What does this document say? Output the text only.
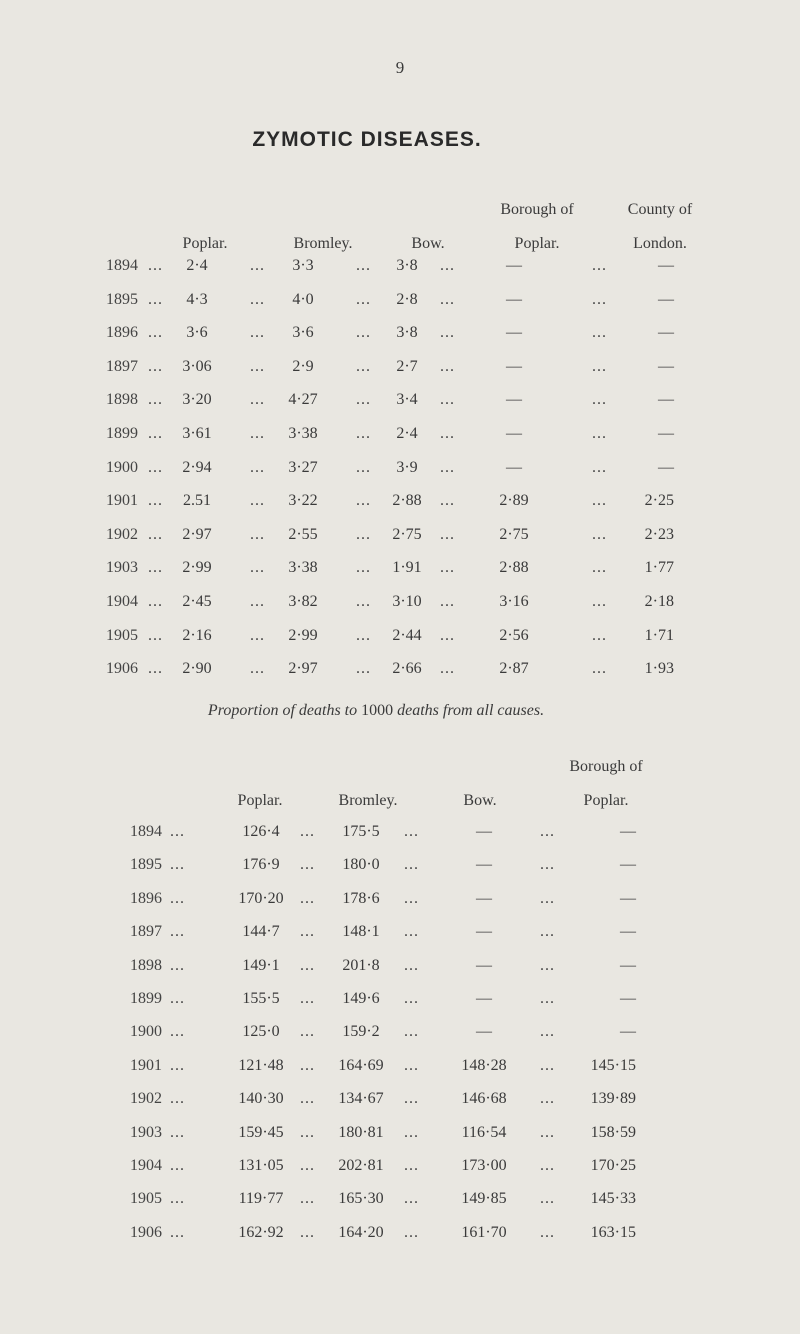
9
ZYMOTIC DISEASES.
Poplar.	Bromley.	Bow.
Borough of
Poplar.
County of
London.
1894 ...	2·4	...	3·3	...	3·8	...	—	...	—
1895 ...	4·3	...	4·0	...	2·8	...	—	...	—
1896 ...	3·6	...	3·6	...	3·8	...	—	...	—
1897 ...	3·06	...	2·9	...	2·7	...	—	...	—
1898 ...	3·20	...	4·27	...	3·4	...	—	...	—
1899 ...	3·61	...	3·38	...	2·4	...	—	...	—
1900 ...	2·94	...	3·27	...	3·9	...	—	...	—
1901 ...	2.51	...	3·22	...	2·88	...	2·89	...	2·25
1902 ...	2·97	...	2·55	...	2·75	...	2·75	...	2·23
1903 ...	2·99	...	3·38	...	1·91	...	2·88	...	1·77
1904 ...	2·45	...	3·82	...	3·10	...	3·16	...	2·18
1905 ...	2·16	...	2·99	...	2·44	...	2·56	...	1·71
1906 ...	2·90	...	2·97	...	2·66	...	2·87	...	1·93
Proportion of deaths to 1000 deaths from all causes.
Poplar.	Bromley.	Bow.
Borough of
Poplar.
1894 ...	126·4	...	175·5	...	—	...	—
1895 ...	176·9	...	180·0	...	—	...	—
1896 ...	170·20	...	178·6	...	—	...	—
1897 ...	144·7	...	148·1	...	—	...	—
1898 ...	149·1	...	201·8	...	—	...	—
1899 ...	155·5	...	149·6	...	—	...	—
1900 ...	125·0	...	159·2	...	—	...	—
1901 ...	121·48	...	164·69	...	148·28	...	145·15
1902 ...	140·30	...	134·67	...	146·68	...	139·89
1903 ...	159·45	...	180·81	...	116·54	...	158·59
1904 ...	131·05	...	202·81	...	173·00	...	170·25
1905 ...	119·77	...	165·30	...	149·85	...	145·33
1906 ...	162·92	...	164·20	...	161·70	...	163·15
